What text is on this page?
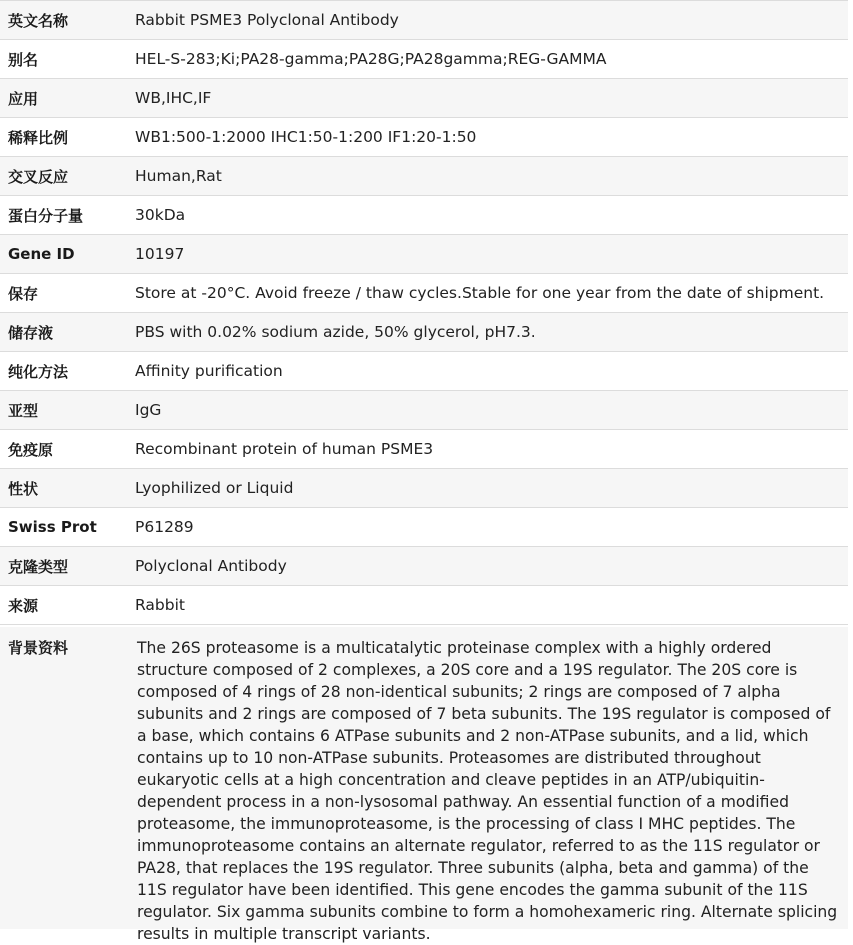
英文名称	Rabbit PSME3 Polyclonal Antibody
别名	HEL-S-283;Ki;PA28-gamma;PA28G;PA28gamma;REG-GAMMA
应用	WB,IHC,IF
稀释比例	WB1:500-1:2000 IHC1:50-1:200 IF1:20-1:50
交叉反应	Human,Rat
蛋白分子量	30kDa
Gene ID	10197
保存	Store at -20°C. Avoid freeze / thaw cycles.Stable for one year from the date of shipment.
储存液	PBS with 0.02% sodium azide, 50% glycerol, pH7.3.
纯化方法	Affinity purification
亚型	IgG
免疫原	Recombinant protein of human PSME3
性状	Lyophilized or Liquid
Swiss Prot	P61289
克隆类型	Polyclonal Antibody
来源	Rabbit
背景资料	The 26S proteasome is a multicatalytic proteinase complex with a highly ordered structure composed of 2 complexes, a 20S core and a 19S regulator. The 20S core is composed of 4 rings of 28 non-identical subunits; 2 rings are composed of 7 alpha subunits and 2 rings are composed of 7 beta subunits. The 19S regulator is composed of a base, which contains 6 ATPase subunits and 2 non-ATPase subunits, and a lid, which contains up to 10 non-ATPase subunits. Proteasomes are distributed throughout eukaryotic cells at a high concentration and cleave peptides in an ATP/ubiquitin-dependent process in a non-lysosomal pathway. An essential function of a modified proteasome, the immunoproteasome, is the processing of class I MHC peptides. The immunoproteasome contains an alternate regulator, referred to as the 11S regulator or PA28, that replaces the 19S regulator. Three subunits (alpha, beta and gamma) of the 11S regulator have been identified. This gene encodes the gamma subunit of the 11S regulator. Six gamma subunits combine to form a homohexameric ring. Alternate splicing results in multiple transcript variants.
